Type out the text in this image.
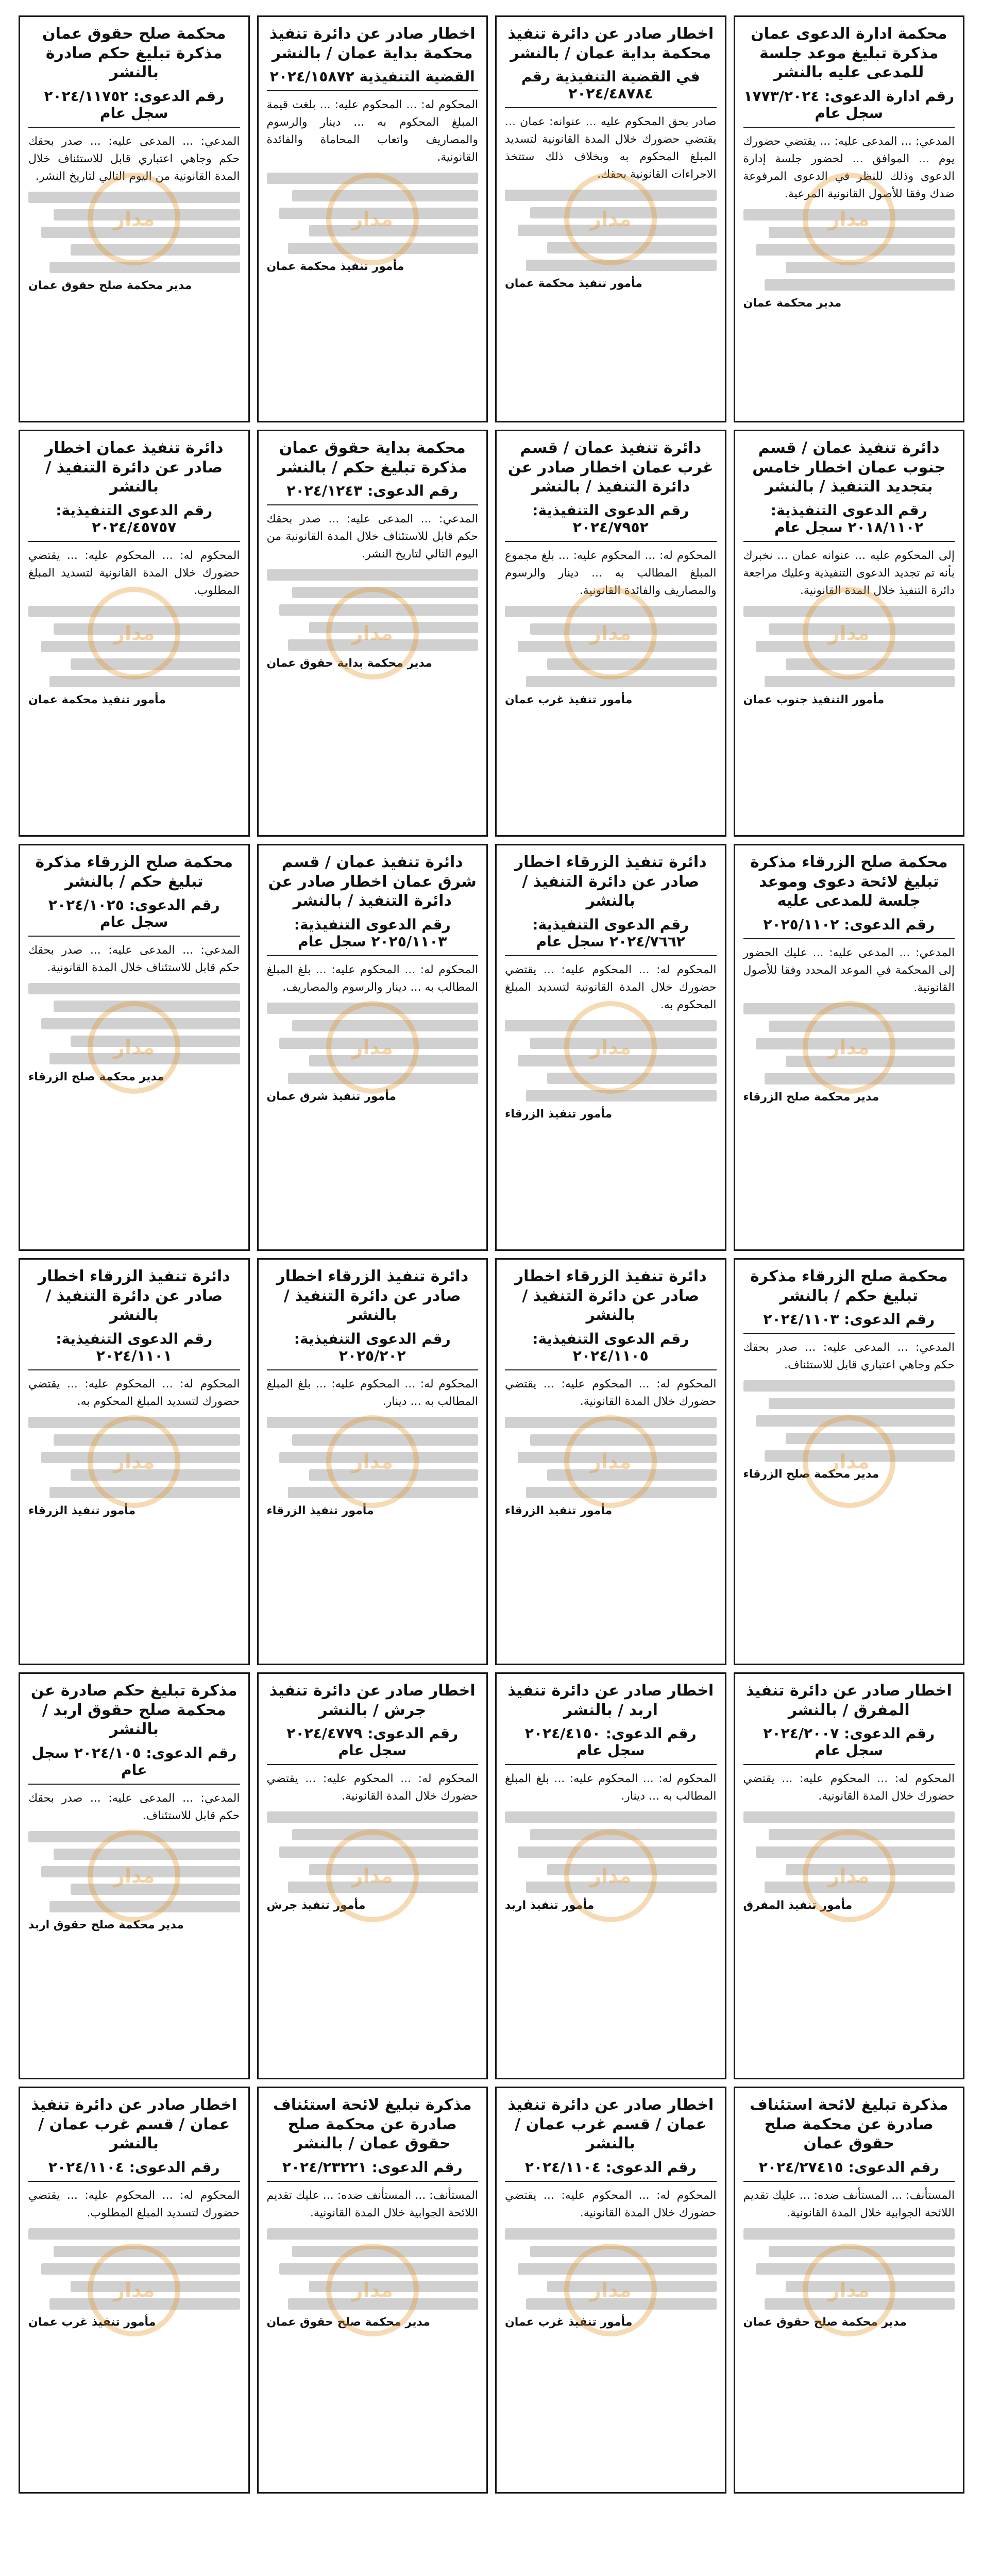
محكمة ادارة الدعوى عمان مذكرة تبليغ موعد جلسة للمدعى عليه بالنشر
رقم ادارة الدعوى: ١٧٧٣/٢٠٢٤ سجل عام
المدعي: ... المدعى عليه: ... يقتضي حضورك يوم ... الموافق ... لحضور جلسة إدارة الدعوى وذلك للنظر في الدعوى المرفوعة ضدك وفقا للأصول القانونية المرعية.
مدير محكمة عمان
مدار
اخطار صادر عن دائرة تنفيذ محكمة بداية عمان / بالنشر
في القضية التنفيذية رقم ٢٠٢٤/٤٨٧٨٤
صادر بحق المحكوم عليه ... عنوانه: عمان ... يقتضي حضورك خلال المدة القانونية لتسديد المبلغ المحكوم به وبخلاف ذلك ستتخذ الاجراءات القانونية بحقك.
مأمور تنفيذ محكمة عمان
مدار
اخطار صادر عن دائرة تنفيذ محكمة بداية عمان / بالنشر
القضية التنفيذية ٢٠٢٤/١٥٨٧٢
المحكوم له: ... المحكوم عليه: ... بلغت قيمة المبلغ المحكوم به ... دينار والرسوم والمصاريف واتعاب المحاماة والفائدة القانونية.
مأمور تنفيذ محكمة عمان
مدار
محكمة صلح حقوق عمان مذكرة تبليغ حكم صادرة بالنشر
رقم الدعوى: ٢٠٢٤/١١٧٥٢ سجل عام
المدعي: ... المدعى عليه: ... صدر بحقك حكم وجاهي اعتباري قابل للاستئناف خلال المدة القانونية من اليوم التالي لتاريخ النشر.
مدير محكمة صلح حقوق عمان
مدار
دائرة تنفيذ عمان / قسم جنوب عمان اخطار خامس بتجديد التنفيذ / بالنشر
رقم الدعوى التنفيذية: ٢٠١٨/١١٠٢ سجل عام
إلى المحكوم عليه ... عنوانه عمان ... نخبرك بأنه تم تجديد الدعوى التنفيذية وعليك مراجعة دائرة التنفيذ خلال المدة القانونية.
مأمور التنفيذ جنوب عمان
مدار
دائرة تنفيذ عمان / قسم غرب عمان اخطار صادر عن دائرة التنفيذ / بالنشر
رقم الدعوى التنفيذية: ٢٠٢٤/٧٩٥٢
المحكوم له: ... المحكوم عليه: ... بلغ مجموع المبلغ المطالب به ... دينار والرسوم والمصاريف والفائدة القانونية.
مأمور تنفيذ غرب عمان
مدار
محكمة بداية حقوق عمان مذكرة تبليغ حكم / بالنشر
رقم الدعوى: ٢٠٢٤/١٢٤٣
المدعي: ... المدعى عليه: ... صدر بحقك حكم قابل للاستئناف خلال المدة القانونية من اليوم التالي لتاريخ النشر.
مدير محكمة بداية حقوق عمان
مدار
دائرة تنفيذ عمان اخطار صادر عن دائرة التنفيذ / بالنشر
رقم الدعوى التنفيذية: ٢٠٢٤/٤٥٧٥٧
المحكوم له: ... المحكوم عليه: ... يقتضي حضورك خلال المدة القانونية لتسديد المبلغ المطلوب.
مأمور تنفيذ محكمة عمان
مدار
محكمة صلح الزرقاء مذكرة تبليغ لائحة دعوى وموعد جلسة للمدعى عليه
رقم الدعوى: ٢٠٢٥/١١٠٢
المدعي: ... المدعى عليه: ... عليك الحضور إلى المحكمة في الموعد المحدد وفقا للأصول القانونية.
مدير محكمة صلح الزرقاء
مدار
دائرة تنفيذ الزرقاء اخطار صادر عن دائرة التنفيذ / بالنشر
رقم الدعوى التنفيذية: ٢٠٢٤/٧٦٦٢ سجل عام
المحكوم له: ... المحكوم عليه: ... يقتضي حضورك خلال المدة القانونية لتسديد المبلغ المحكوم به.
مأمور تنفيذ الزرقاء
مدار
دائرة تنفيذ عمان / قسم شرق عمان اخطار صادر عن دائرة التنفيذ / بالنشر
رقم الدعوى التنفيذية: ٢٠٢٥/١١٠٣ سجل عام
المحكوم له: ... المحكوم عليه: ... بلغ المبلغ المطالب به ... دينار والرسوم والمصاريف.
مأمور تنفيذ شرق عمان
مدار
محكمة صلح الزرقاء مذكرة تبليغ حكم / بالنشر
رقم الدعوى: ٢٠٢٤/١٠٢٥ سجل عام
المدعي: ... المدعى عليه: ... صدر بحقك حكم قابل للاستئناف خلال المدة القانونية.
مدير محكمة صلح الزرقاء
مدار
محكمة صلح الزرقاء مذكرة تبليغ حكم / بالنشر
رقم الدعوى: ٢٠٢٤/١١٠٣
المدعي: ... المدعى عليه: ... صدر بحقك حكم وجاهي اعتباري قابل للاستئناف.
مدير محكمة صلح الزرقاء
مدار
دائرة تنفيذ الزرقاء اخطار صادر عن دائرة التنفيذ / بالنشر
رقم الدعوى التنفيذية: ٢٠٢٤/١١٠٥
المحكوم له: ... المحكوم عليه: ... يقتضي حضورك خلال المدة القانونية.
مأمور تنفيذ الزرقاء
مدار
دائرة تنفيذ الزرقاء اخطار صادر عن دائرة التنفيذ / بالنشر
رقم الدعوى التنفيذية: ٢٠٢٥/٢٠٢
المحكوم له: ... المحكوم عليه: ... بلغ المبلغ المطالب به ... دينار.
مأمور تنفيذ الزرقاء
مدار
دائرة تنفيذ الزرقاء اخطار صادر عن دائرة التنفيذ / بالنشر
رقم الدعوى التنفيذية: ٢٠٢٤/١١٠١
المحكوم له: ... المحكوم عليه: ... يقتضي حضورك لتسديد المبلغ المحكوم به.
مأمور تنفيذ الزرقاء
مدار
اخطار صادر عن دائرة تنفيذ المفرق / بالنشر
رقم الدعوى: ٢٠٢٤/٢٠٠٧ سجل عام
المحكوم له: ... المحكوم عليه: ... يقتضي حضورك خلال المدة القانونية.
مأمور تنفيذ المفرق
مدار
اخطار صادر عن دائرة تنفيذ اربد / بالنشر
رقم الدعوى: ٢٠٢٤/٤١٥٠ سجل عام
المحكوم له: ... المحكوم عليه: ... بلغ المبلغ المطالب به ... دينار.
مأمور تنفيذ اربد
مدار
اخطار صادر عن دائرة تنفيذ جرش / بالنشر
رقم الدعوى: ٢٠٢٤/٤٧٧٩ سجل عام
المحكوم له: ... المحكوم عليه: ... يقتضي حضورك خلال المدة القانونية.
مأمور تنفيذ جرش
مدار
مذكرة تبليغ حكم صادرة عن محكمة صلح حقوق اربد / بالنشر
رقم الدعوى: ٢٠٢٤/١٠٥ سجل عام
المدعي: ... المدعى عليه: ... صدر بحقك حكم قابل للاستئناف.
مدير محكمة صلح حقوق اربد
مدار
مذكرة تبليغ لائحة استئناف صادرة عن محكمة صلح حقوق عمان
رقم الدعوى: ٢٠٢٤/٢٧٤١٥
المستأنف: ... المستأنف ضده: ... عليك تقديم اللائحة الجوابية خلال المدة القانونية.
مدير محكمة صلح حقوق عمان
مدار
اخطار صادر عن دائرة تنفيذ عمان / قسم غرب عمان / بالنشر
رقم الدعوى: ٢٠٢٤/١١٠٤
المحكوم له: ... المحكوم عليه: ... يقتضي حضورك خلال المدة القانونية.
مأمور تنفيذ غرب عمان
مدار
مذكرة تبليغ لائحة استئناف صادرة عن محكمة صلح حقوق عمان / بالنشر
رقم الدعوى: ٢٠٢٤/٢٣٢٢١
المستأنف: ... المستأنف ضده: ... عليك تقديم اللائحة الجوابية خلال المدة القانونية.
مدير محكمة صلح حقوق عمان
مدار
اخطار صادر عن دائرة تنفيذ عمان / قسم غرب عمان / بالنشر
رقم الدعوى: ٢٠٢٤/١١٠٤
المحكوم له: ... المحكوم عليه: ... يقتضي حضورك لتسديد المبلغ المطلوب.
مأمور تنفيذ غرب عمان
مدار
